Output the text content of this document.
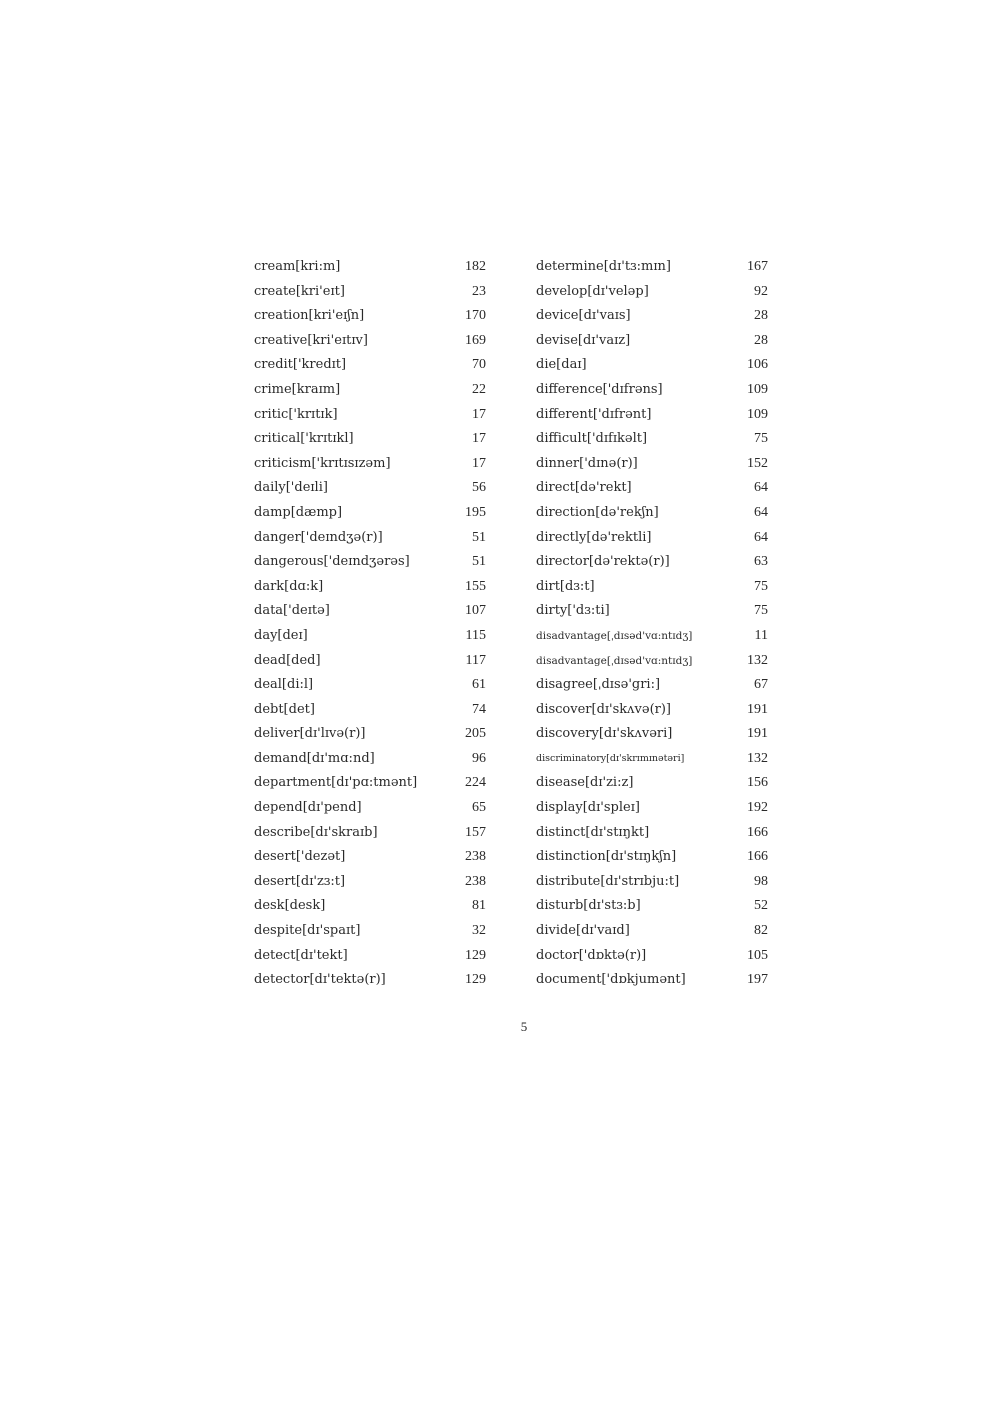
cream[kri:m]	182
create[kri'eɪt]	23
creation[kri'eɪʃn]	170
creative[kri'eɪtɪv]	169
credit['kredɪt]	70
crime[kraɪm]	22
critic['krɪtɪk]	17
critical['krɪtɪkl]	17
criticism['krɪtɪsɪzəm]	17
daily['deɪli]	56
damp[dæmp]	195
danger['deɪndʒə(r)]	51
dangerous['deɪndʒərəs]	51
dark[dɑ:k]	155
data['deɪtə]	107
day[deɪ]	115
dead[ded]	117
deal[di:l]	61
debt[det]	74
deliver[dɪ'lɪvə(r)]	205
demand[dɪ'mɑ:nd]	96
department[dɪ'pɑ:tmənt]	224
depend[dɪ'pend]	65
describe[dɪ'skraɪb]	157
desert['dezət]	238
desert[dɪ'zɜ:t]	238
desk[desk]	81
despite[dɪ'spaɪt]	32
detect[dɪ'tekt]	129
detector[dɪ'tektə(r)]	129
determine[dɪ'tɜ:mɪn]	167
develop[dɪ'veləp]	92
device[dɪ'vaɪs]	28
devise[dɪ'vaɪz]	28
die[daɪ]	106
difference['dɪfrəns]	109
different['dɪfrənt]	109
difficult['dɪfɪkəlt]	75
dinner['dɪnə(r)]	152
direct[də'rekt]	64
direction[də'rekʃn]	64
directly[də'rektli]	64
director[də'rektə(r)]	63
dirt[dɜ:t]	75
dirty['dɜ:ti]	75
disadvantage[ˌdɪsəd'vɑ:ntɪdʒ]	11
disadvantage[ˌdɪsəd'vɑ:ntɪdʒ]	132
disagree[ˌdɪsə'gri:]	67
discover[dɪ'skʌvə(r)]	191
discovery[dɪ'skʌvəri]	191
discriminatory[dɪ'skrɪmɪnətəri]	132
disease[dɪ'zi:z]	156
display[dɪ'spleɪ]	192
distinct[dɪ'stɪŋkt]	166
distinction[dɪ'stɪŋkʃn]	166
distribute[dɪ'strɪbju:t]	98
disturb[dɪ'stɜ:b]	52
divide[dɪ'vaɪd]	82
doctor['dɒktə(r)]	105
document['dɒkjumənt]	197
5
